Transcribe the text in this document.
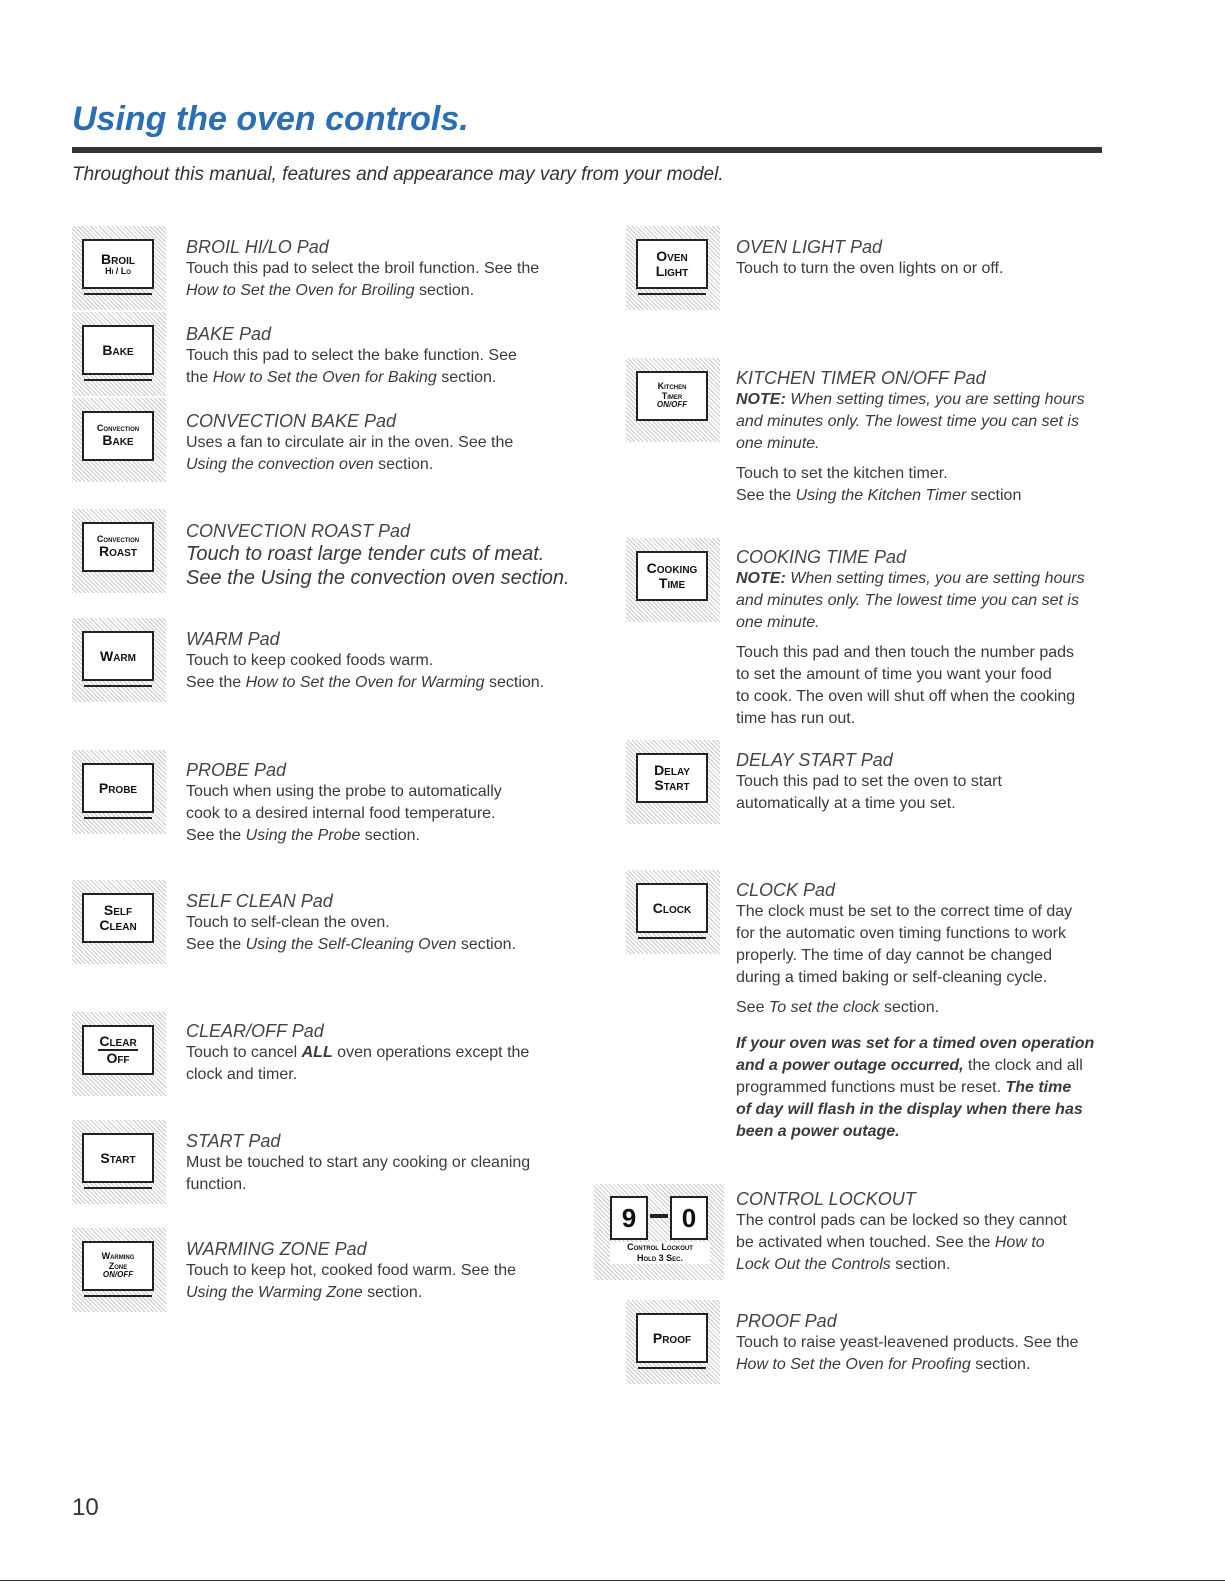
Using the oven controls.
Throughout this manual, features and appearance may vary from your model.
Broil
Hi / Lo
BROIL HI/LO Pad
Touch this pad to select the broil function. See the
How to Set the Oven for Broiling section.
Bake
BAKE Pad
Touch this pad to select the bake function. See
the How to Set the Oven for Baking section.
Convection
Bake
CONVECTION BAKE Pad
Uses a fan to circulate air in the oven. See the
Using the convection oven section.
Convection
Roast
CONVECTION ROAST Pad
Touch to roast large tender cuts of meat.
See the Using the convection oven section.
Warm
WARM Pad
Touch to keep cooked foods warm.
See the How to Set the Oven for Warming section.
Probe
PROBE Pad
Touch when using the probe to automatically
cook to a desired internal food temperature.
See the Using the Probe section.
Self
Clean
SELF CLEAN Pad
Touch to self-clean the oven.
See the Using the Self-Cleaning Oven section.
Clear
Off
CLEAR/OFF Pad
Touch to cancel ALL oven operations except the
clock and timer.
Start
START Pad
Must be touched to start any cooking or cleaning
function.
Warming
Zone
ON/OFF
WARMING ZONE Pad
Touch to keep hot, cooked food warm. See the
Using the Warming Zone section.
Oven
Light
OVEN LIGHT Pad
Touch to turn the oven lights on or off.
Kitchen
Timer
ON/OFF
KITCHEN TIMER ON/OFF Pad

NOTE: When setting times, you are setting hours
and minutes only. The lowest time you can set is
one minute.

Touch to set the kitchen timer.
See the Using the Kitchen Timer section

Cooking
Time
COOKING TIME Pad

NOTE: When setting times, you are setting hours
and minutes only. The lowest time you can set is
one minute.

Touch this pad and then touch the number pads
to set the amount of time you want your food
to cook. The oven will shut off when the cooking
time has run out.

Delay
Start
DELAY START Pad
Touch this pad to set the oven to start
automatically at a time you set.
Clock
CLOCK Pad
The clock must be set to the correct time of day
for the automatic oven timing functions to work
properly. The time of day cannot be changed
during a timed baking or self-cleaning cycle.

See To set the clock section.

If your oven was set for a timed oven operation
and a power outage occurred, the clock and all
programmed functions must be reset. The time
of day will flash in the display when there has
been a power outage.

9	0
Control Lockout
Hold 3 Sec.
CONTROL LOCKOUT
The control pads can be locked so they cannot
be activated when touched. See the How to
Lock Out the Controls section.
Proof
PROOF Pad
Touch to raise yeast-leavened products. See the
How to Set the Oven for Proofing section.
10
